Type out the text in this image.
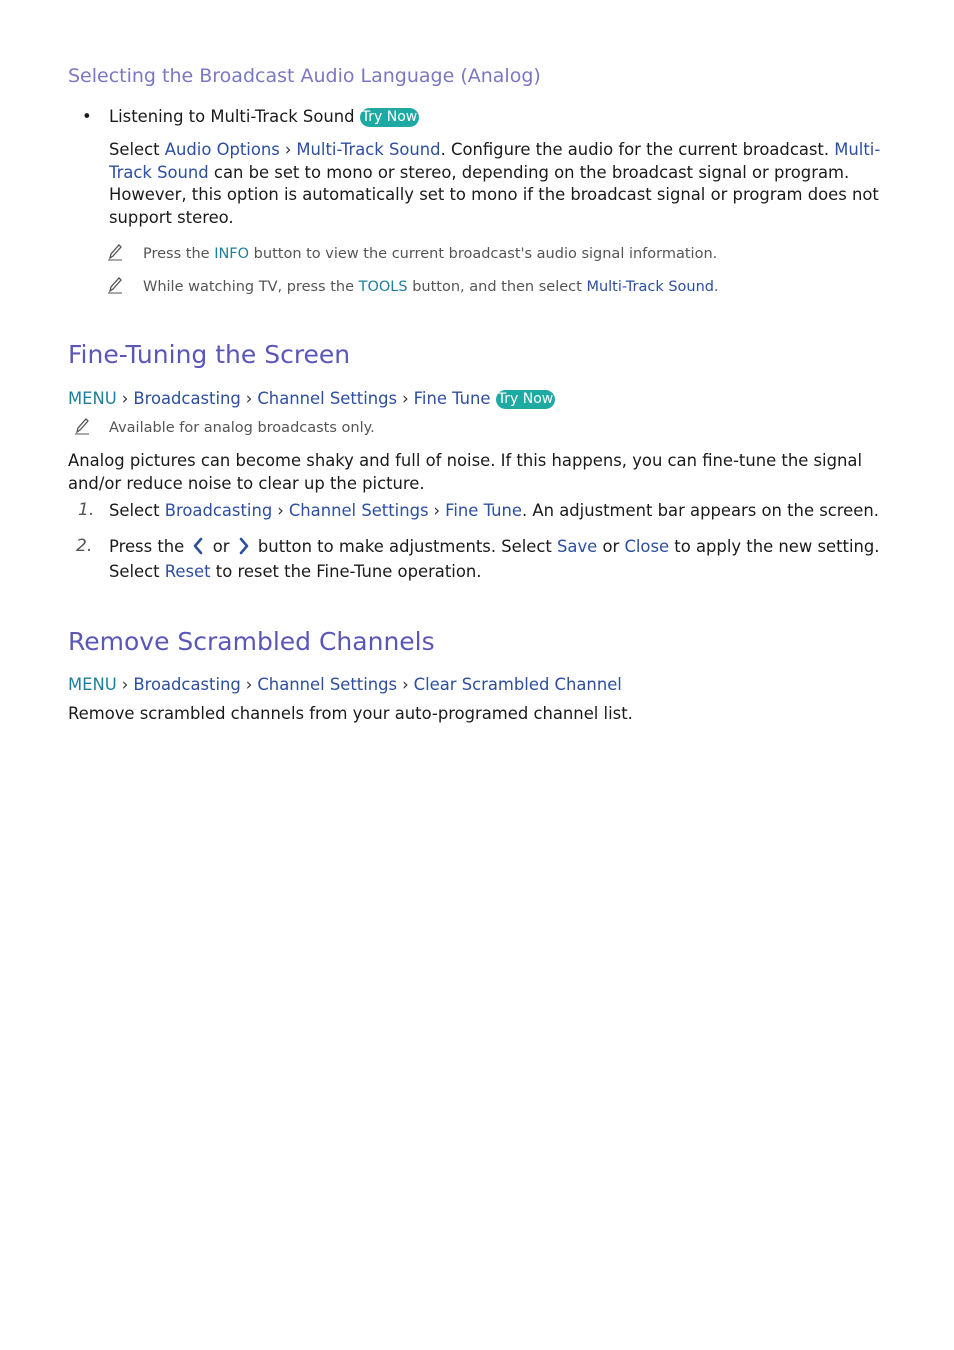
Selecting the Broadcast Audio Language (Analog)
• Listening to Multi-Track Sound Try Now
Select Audio Options › Multi-Track Sound. Configure the audio for the current broadcast. Multi-
Track Sound can be set to mono or stereo, depending on the broadcast signal or program.
However, this option is automatically set to mono if the broadcast signal or program does not
support stereo.
Press the INFO button to view the current broadcast's audio signal information.
While watching TV, press the TOOLS button, and then select Multi-Track Sound.
Fine-Tuning the Screen
MENU › Broadcasting › Channel Settings › Fine Tune Try Now
Available for analog broadcasts only.
Analog pictures can become shaky and full of noise. If this happens, you can fine-tune the signal
and/or reduce noise to clear up the picture.
1. Select Broadcasting › Channel Settings › Fine Tune. An adjustment bar appears on the screen.
2. Press the or button to make adjustments. Select Save or Close to apply the new setting.
Select Reset to reset the Fine-Tune operation.
Remove Scrambled Channels
MENU › Broadcasting › Channel Settings › Clear Scrambled Channel
Remove scrambled channels from your auto-programed channel list.
